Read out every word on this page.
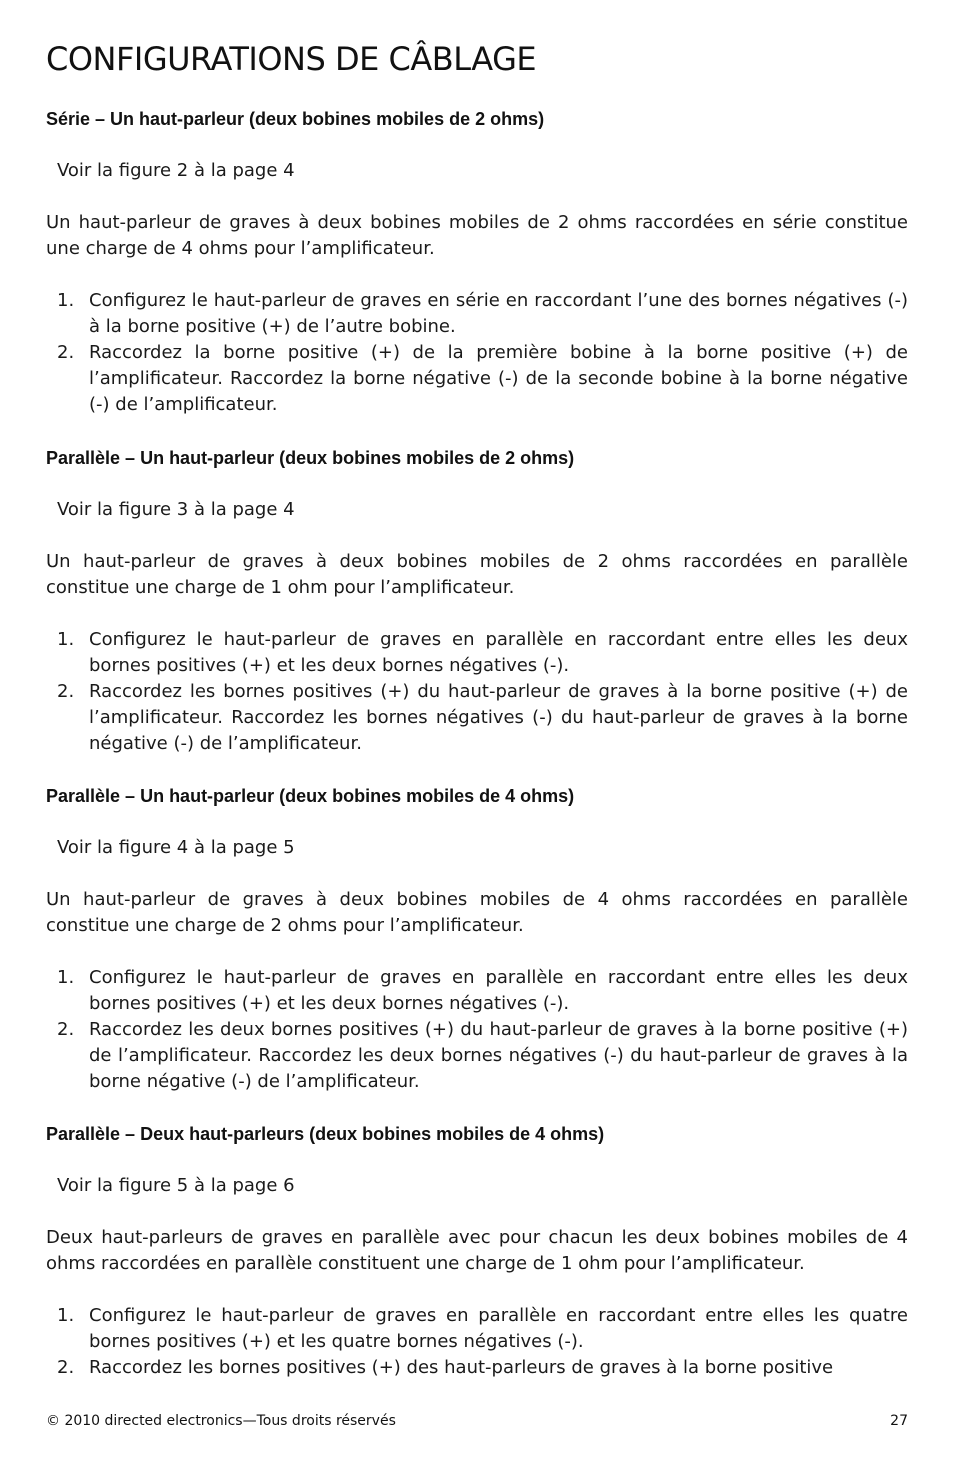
CONFIGURATIONS DE CÂBLAGE
Série – Un haut-parleur (deux bobines mobiles de 2 ohms)

Voir la figure 2 à la page 4

Un haut-parleur de graves à deux bobines mobiles de 2 ohms raccordées en série constitue une charge de 4 ohms pour l’amplificateur.

1. Configurez le haut-parleur de graves en série en raccordant l’une des bornes négatives (-) à la borne positive (+) de l’autre bobine.
2. Raccordez la borne positive (+) de la première bobine à la borne positive (+) de l’amplificateur. Raccordez la borne négative (-) de la seconde bobine à la borne négative (-) de l’amplificateur.
Parallèle – Un haut-parleur (deux bobines mobiles de 2 ohms)

Voir la figure 3 à la page 4

Un haut-parleur de graves à deux bobines mobiles de 2 ohms raccordées en parallèle constitue une charge de 1 ohm pour l’amplificateur.

1. Configurez le haut-parleur de graves en parallèle en raccordant entre elles les deux bornes positives (+) et les deux bornes négatives (-).
2. Raccordez les bornes positives (+) du haut-parleur de graves à la borne positive (+) de l’amplificateur. Raccordez les bornes négatives (-) du haut-parleur de graves à la borne négative (-) de l’amplificateur.
Parallèle – Un haut-parleur (deux bobines mobiles de 4 ohms)

Voir la figure 4 à la page 5

Un haut-parleur de graves à deux bobines mobiles de 4 ohms raccordées en parallèle constitue une charge de 2 ohms pour l’amplificateur.

1. Configurez le haut-parleur de graves en parallèle en raccordant entre elles les deux bornes positives (+) et les deux bornes négatives (-).
2. Raccordez les deux bornes positives (+) du haut-parleur de graves à la borne positive (+) de l’amplificateur. Raccordez les deux bornes négatives (-) du haut-parleur de graves à la borne négative (-) de l’amplificateur.
Parallèle – Deux haut-parleurs (deux bobines mobiles de 4 ohms)

Voir la figure 5 à la page 6

Deux haut-parleurs de graves en parallèle avec pour chacun les deux bobines mobiles de 4 ohms raccordées en parallèle constituent une charge de 1 ohm pour l’amplificateur.

1. Configurez le haut-parleur de graves en parallèle en raccordant entre elles les quatre bornes positives (+) et les quatre bornes négatives (-).
2. Raccordez les bornes positives (+) des haut-parleurs de graves à la borne positive
© 2010 directed electronics—Tous droits réservés	27
